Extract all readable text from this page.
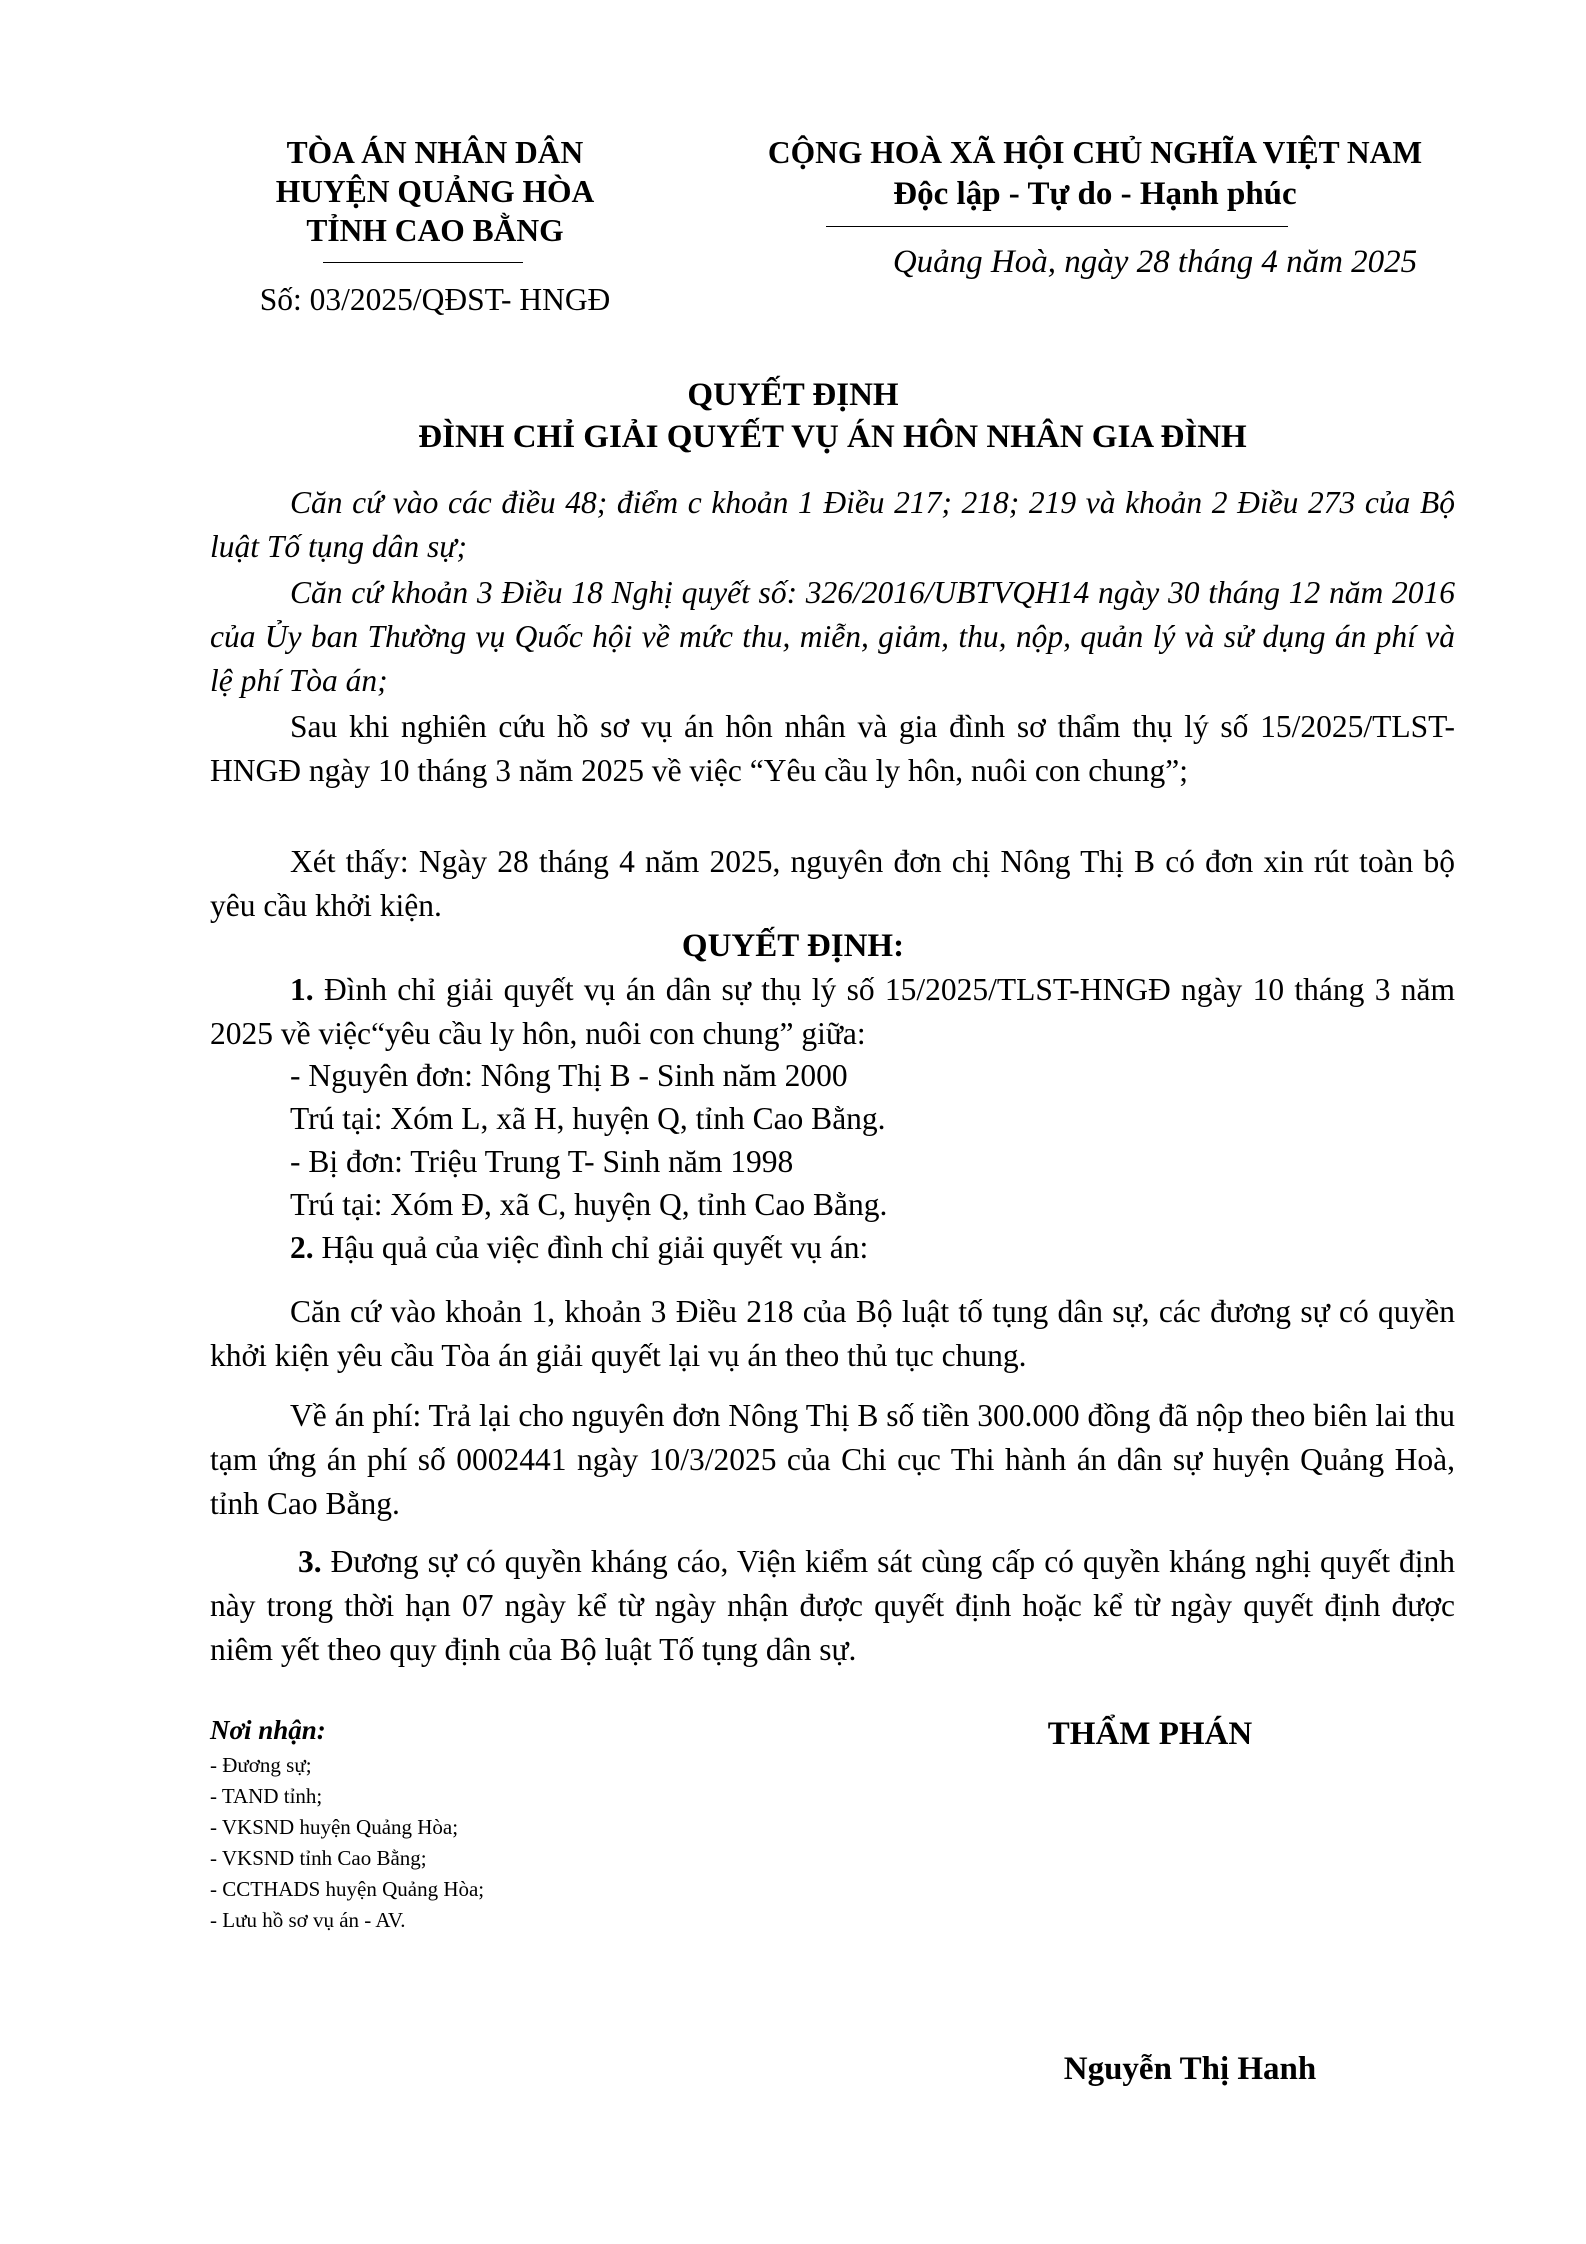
TÒA ÁN NHÂN DÂN
HUYỆN QUẢNG HÒA
TỈNH CAO BẰNG
Số: 03/2025/QĐST- HNGĐ
CỘNG HOÀ XÃ HỘI CHỦ NGHĨA VIỆT NAM
Độc lập - Tự do - Hạnh phúc
Quảng Hoà, ngày 28 tháng 4 năm 2025
QUYẾT ĐỊNH
ĐÌNH CHỈ GIẢI QUYẾT VỤ ÁN HÔN NHÂN GIA ĐÌNH
Căn cứ vào các điều 48; điểm c khoản 1 Điều 217; 218; 219 và khoản 2 Điều 273 của Bộ luật Tố tụng dân sự;
Căn cứ khoản 3 Điều 18 Nghị quyết số: 326/2016/UBTVQH14 ngày 30 tháng 12 năm 2016 của Ủy ban Thường vụ Quốc hội về mức thu, miễn, giảm, thu, nộp, quản lý và sử dụng án phí và lệ phí Tòa án;
Sau khi nghiên cứu hồ sơ vụ án hôn nhân và gia đình sơ thẩm thụ lý số 15/2025/TLST-HNGĐ ngày 10 tháng 3 năm 2025 về việc “Yêu cầu ly hôn, nuôi con chung”;
Xét thấy: Ngày 28 tháng 4 năm 2025, nguyên đơn chị Nông Thị B có đơn xin rút toàn bộ yêu cầu khởi kiện.
QUYẾT ĐỊNH:
1. Đình chỉ giải quyết vụ án dân sự thụ lý số 15/2025/TLST-HNGĐ ngày 10 tháng 3 năm 2025 về việc“yêu cầu ly hôn, nuôi con chung” giữa:
- Nguyên đơn: Nông Thị B - Sinh năm 2000
Trú tại: Xóm L, xã H, huyện Q, tỉnh Cao Bằng.
- Bị đơn: Triệu Trung T- Sinh năm 1998
Trú tại: Xóm Đ, xã C, huyện Q, tỉnh Cao Bằng.
2. Hậu quả của việc đình chỉ giải quyết vụ án:
Căn cứ vào khoản 1, khoản 3 Điều 218 của Bộ luật tố tụng dân sự, các đương sự có quyền khởi kiện yêu cầu Tòa án giải quyết lại vụ án theo thủ tục chung.
Về án phí: Trả lại cho nguyên đơn Nông Thị B số tiền 300.000 đồng đã nộp theo biên lai thu tạm ứng án phí số 0002441 ngày 10/3/2025 của Chi cục Thi hành án dân sự huyện Quảng Hoà, tỉnh Cao Bằng.
3. Đương sự có quyền kháng cáo, Viện kiểm sát cùng cấp có quyền kháng nghị quyết định này trong thời hạn 07 ngày kể từ ngày nhận được quyết định hoặc kể từ ngày quyết định được niêm yết theo quy định của Bộ luật Tố tụng dân sự.
Nơi nhận:
- Đương sự;
- TAND tỉnh;
- VKSND huyện Quảng Hòa;
- VKSND tỉnh Cao Bằng;
- CCTHADS huyện Quảng Hòa;
- Lưu hồ sơ vụ án - AV.
THẨM PHÁN
Nguyễn Thị Hanh
